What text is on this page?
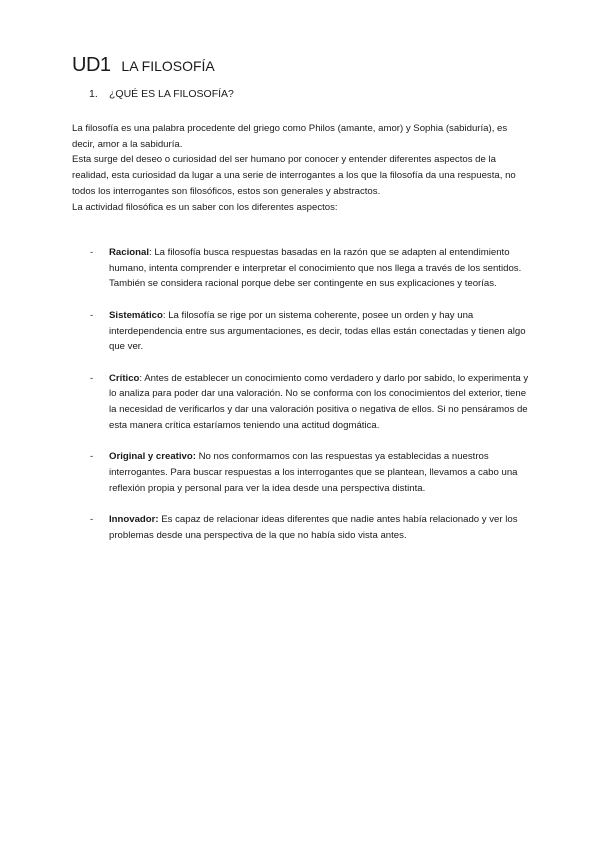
UD1 LA FILOSOFÍA
1. ¿QUÉ ES LA FILOSOFÍA?

La filosofía es una palabra procedente del griego como Philos (amante, amor) y Sophia (sabiduría), es decir, amor a la sabiduría.

Esta surge del deseo o curiosidad del ser humano por conocer y entender diferentes aspectos de la realidad, esta curiosidad da lugar a una serie de interrogantes a los que la filosofía da una respuesta, no todos los interrogantes son filosóficos, estos son generales y abstractos.

La actividad filosófica es un saber con los diferentes aspectos:

- Racional: La filosofía busca respuestas basadas en la razón que se adapten al entendimiento humano, intenta comprender e interpretar el conocimiento que nos llega a través de los sentidos. También se considera racional porque debe ser contingente en sus explicaciones y teorías.
- Sistemático: La filosofía se rige por un sistema coherente, posee un orden y hay una interdependencia entre sus argumentaciones, es decir, todas ellas están conectadas y tienen algo que ver.
- Crítico: Antes de establecer un conocimiento como verdadero y darlo por sabido, lo experimenta y lo analiza para poder dar una valoración. No se conforma con los conocimientos del exterior, tiene la necesidad de verificarlos y dar una valoración positiva o negativa de ellos. Si no pensáramos de esta manera crítica estaríamos teniendo una actitud dogmática.
- Original y creativo: No nos conformamos con las respuestas ya establecidas a nuestros interrogantes. Para buscar respuestas a los interrogantes que se plantean, llevamos a cabo una reflexión propia y personal para ver la idea desde una perspectiva distinta.
- Innovador: Es capaz de relacionar ideas diferentes que nadie antes había relacionado y ver los problemas desde una perspectiva de la que no había sido vista antes.
